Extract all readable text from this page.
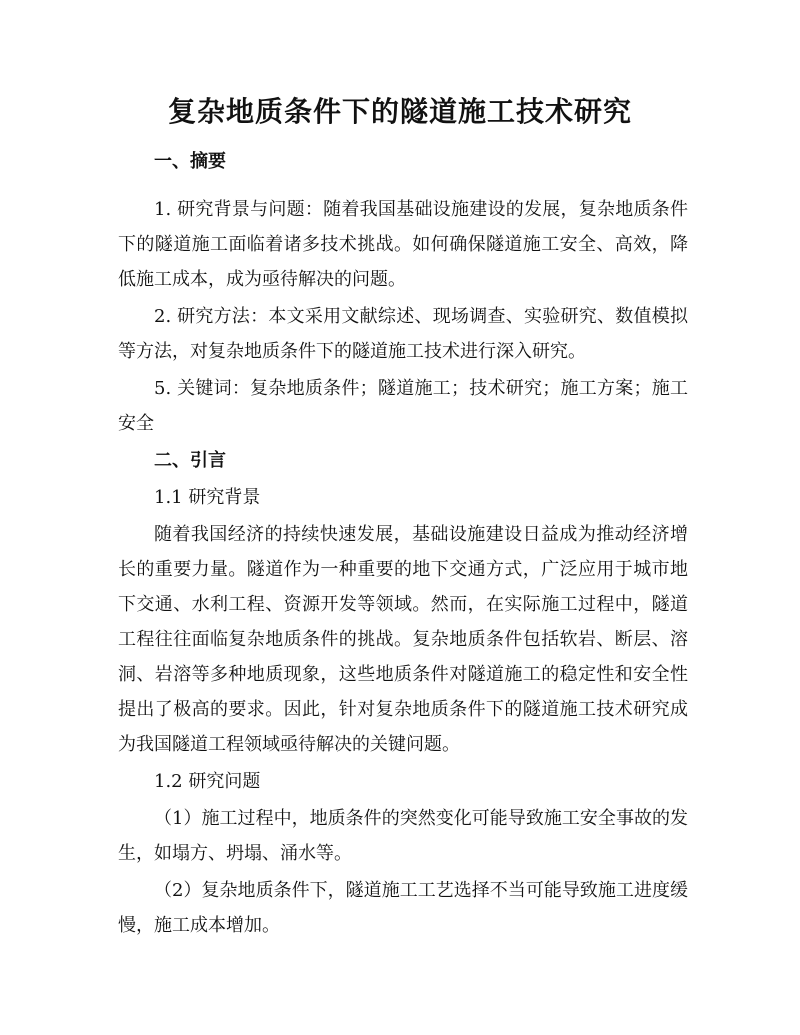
复杂地质条件下的隧道施工技术研究
一、摘要

1. 研究背景与问题：随着我国基础设施建设的发展，复杂地质条件下的隧道施工面临着诸多技术挑战。如何确保隧道施工安全、高效，降低施工成本，成为亟待解决的问题。

2. 研究方法：本文采用文献综述、现场调查、实验研究、数值模拟等方法，对复杂地质条件下的隧道施工技术进行深入研究。

5. 关键词：复杂地质条件；隧道施工；技术研究；施工方案；施工安全

二、引言
1.1 研究背景

随着我国经济的持续快速发展，基础设施建设日益成为推动经济增长的重要力量。隧道作为一种重要的地下交通方式，广泛应用于城市地下交通、水利工程、资源开发等领域。然而，在实际施工过程中，隧道工程往往面临复杂地质条件的挑战。复杂地质条件包括软岩、断层、溶洞、岩溶等多种地质现象，这些地质条件对隧道施工的稳定性和安全性提出了极高的要求。因此，针对复杂地质条件下的隧道施工技术研究成为我国隧道工程领域亟待解决的关键问题。

1.2 研究问题

（1）施工过程中，地质条件的突然变化可能导致施工安全事故的发生，如塌方、坍塌、涌水等。

（2）复杂地质条件下，隧道施工工艺选择不当可能导致施工进度缓慢，施工成本增加。
